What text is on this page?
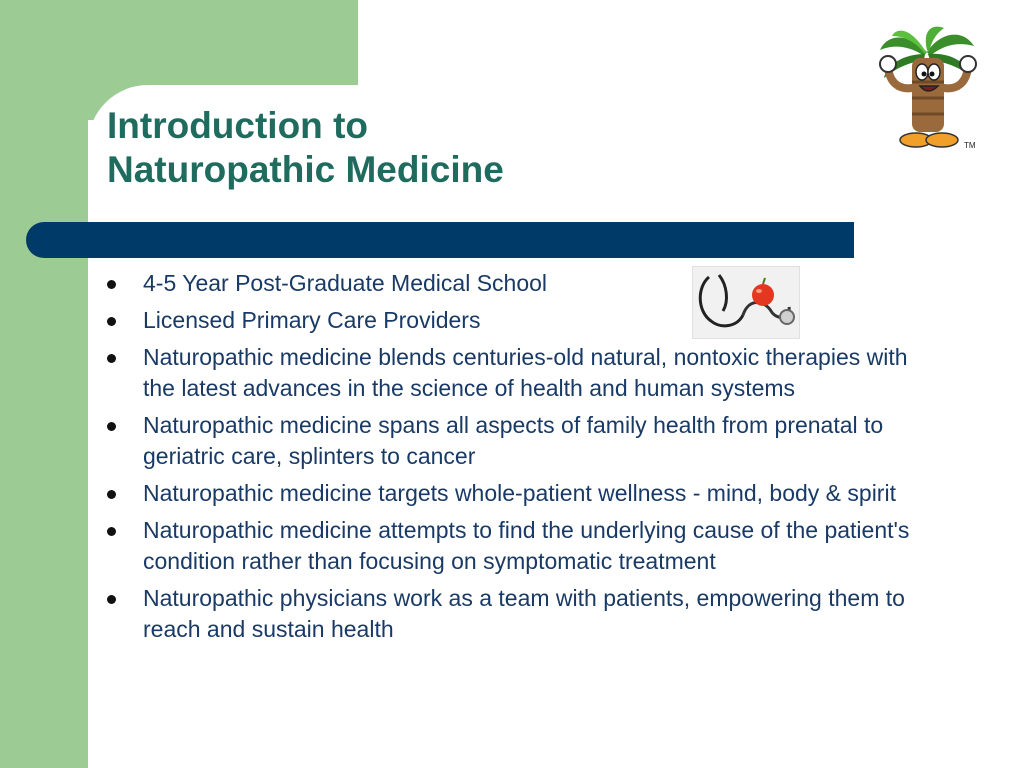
Introduction to
Naturopathic Medicine
TM
4-5 Year Post-Graduate Medical School
Licensed Primary Care Providers
Naturopathic medicine blends centuries-old natural, nontoxic therapies with the latest advances in the science of health and human systems
Naturopathic medicine spans all aspects of family health from prenatal to geriatric care, splinters to cancer
Naturopathic medicine targets whole-patient wellness - mind, body & spirit
Naturopathic medicine attempts to find the underlying cause of the patient's condition rather than focusing on symptomatic treatment
Naturopathic physicians work as a team with patients, empowering them to reach and sustain health
